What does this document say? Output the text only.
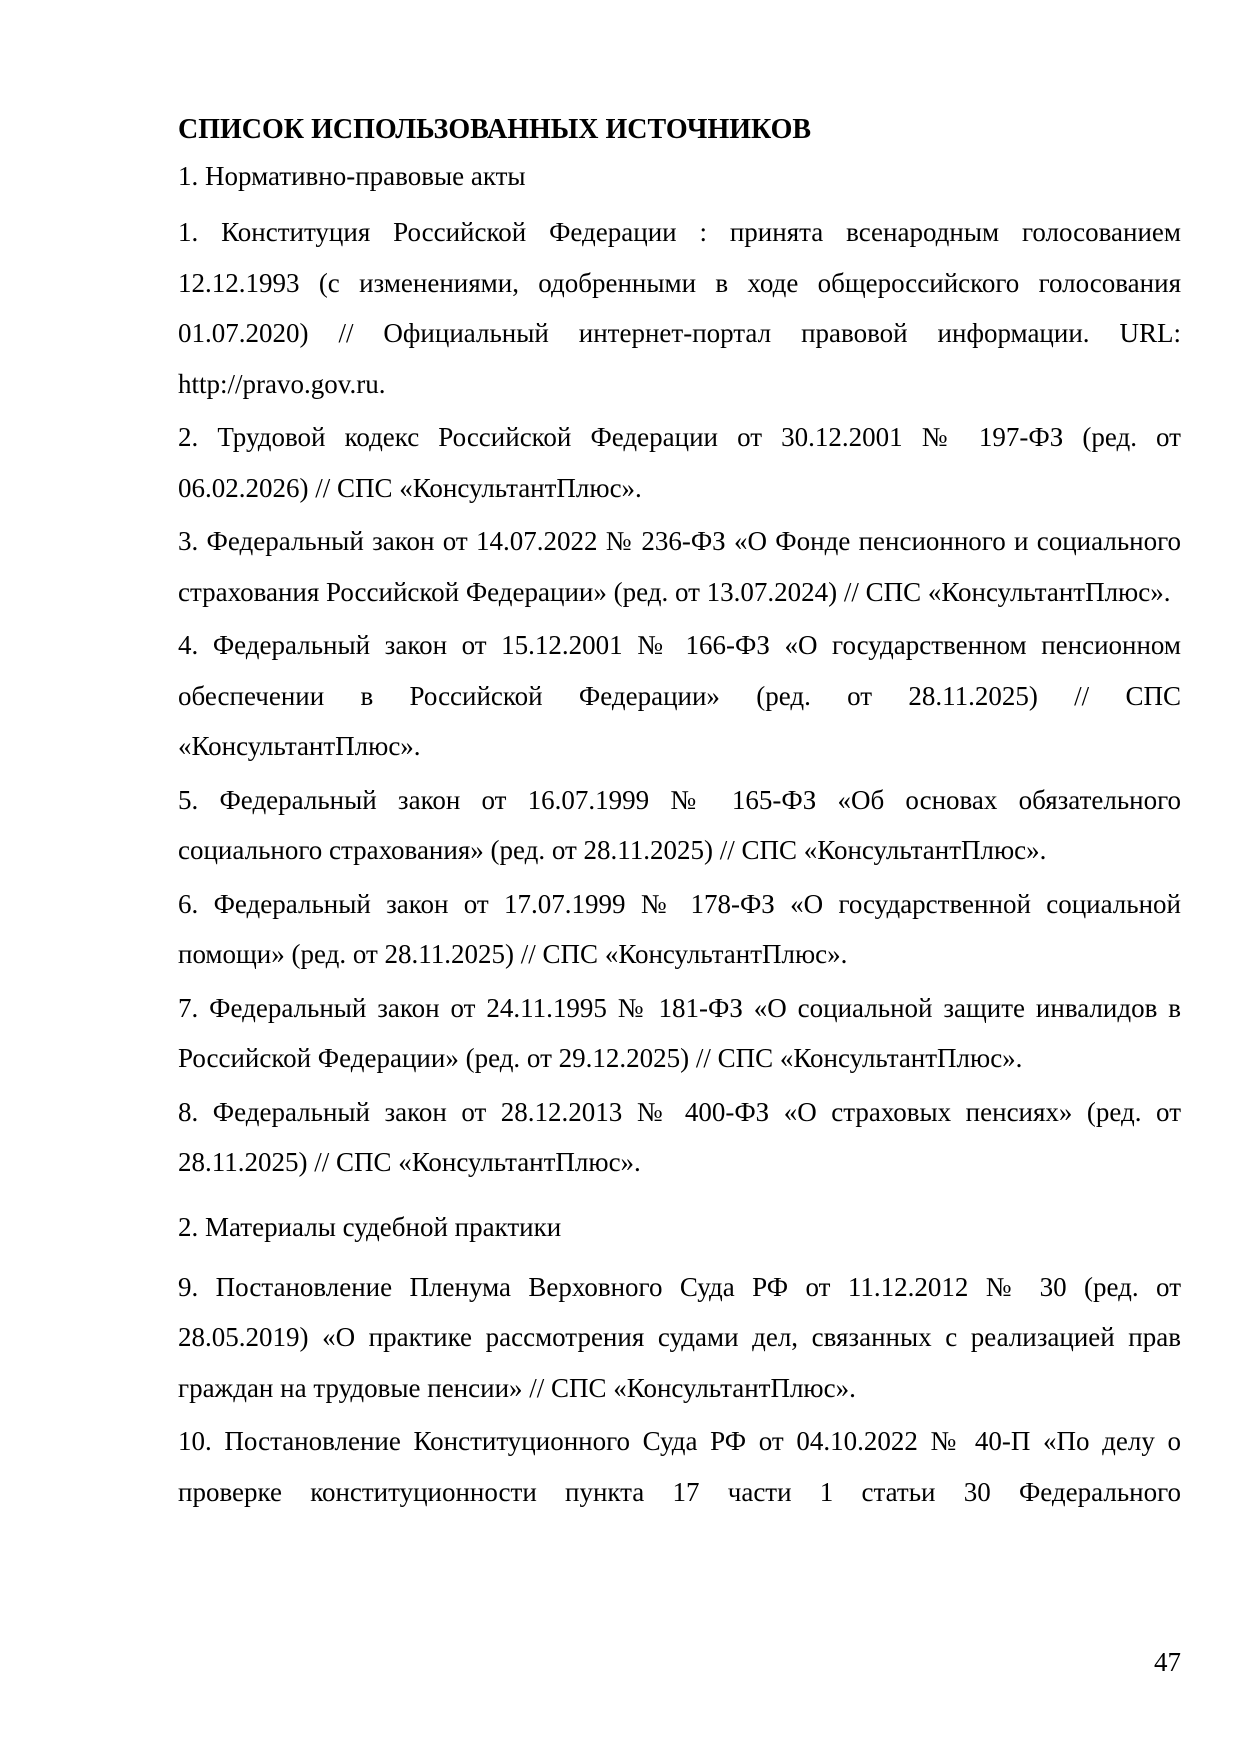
СПИСОК ИСПОЛЬЗОВАННЫХ ИСТОЧНИКОВ
1. Нормативно-правовые акты

1. Конституция Российской Федерации : принята всенародным голосованием 12.12.1993 (с изменениями, одобренными в ходе общероссийского голосования 01.07.2020) // Официальный интернет-портал правовой информации. URL: http://pravo.gov.ru.

2. Трудовой кодекс Российской Федерации от 30.12.2001 № 197-ФЗ (ред. от 06.02.2026) // СПС «КонсультантПлюс».

3. Федеральный закон от 14.07.2022 № 236-ФЗ «О Фонде пенсионного и социального страхования Российской Федерации» (ред. от 13.07.2024) // СПС «КонсультантПлюс».

4. Федеральный закон от 15.12.2001 № 166-ФЗ «О государственном пенсионном обеспечении в Российской Федерации» (ред. от 28.11.2025) // СПС «КонсультантПлюс».

5. Федеральный закон от 16.07.1999 № 165-ФЗ «Об основах обязательного социального страхования» (ред. от 28.11.2025) // СПС «КонсультантПлюс».

6. Федеральный закон от 17.07.1999 № 178-ФЗ «О государственной социальной помощи» (ред. от 28.11.2025) // СПС «КонсультантПлюс».

7. Федеральный закон от 24.11.1995 № 181-ФЗ «О социальной защите инвалидов в Российской Федерации» (ред. от 29.12.2025) // СПС «КонсультантПлюс».

8. Федеральный закон от 28.12.2013 № 400-ФЗ «О страховых пенсиях» (ред. от 28.11.2025) // СПС «КонсультантПлюс».

2. Материалы судебной практики

9. Постановление Пленума Верховного Суда РФ от 11.12.2012 № 30 (ред. от 28.05.2019) «О практике рассмотрения судами дел, связанных с реализацией прав граждан на трудовые пенсии» // СПС «КонсультантПлюс».

10. Постановление Конституционного Суда РФ от 04.10.2022 № 40-П «По делу о проверке конституционности пункта 17 части 1 статьи 30 Федерального

47
